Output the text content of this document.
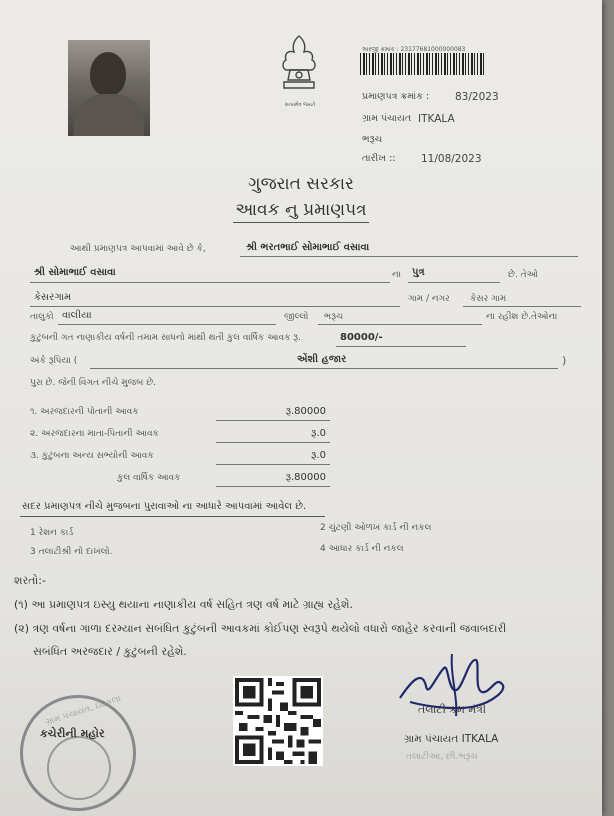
સત્યમેવ જયતે
અરજી ક્રમાંક : 23177681000000083
પ્રમાણપત્ર ક્રમાંક : 83/2023
ગ્રામ પંચાયત ITKALA
ભરૂચ
તારીખ :: 11/08/2023
ગુજરાત સરકાર
આવક નુ પ્રમાણપત્ર
આથી પ્રમાણપત્ર આપવામાં આવે છે કે,	શ્રી ભરતભાઈ સોમાભાઈ વસાવા
શ્રી સોમાભાઈ વસાવા	ના પુત્ર	છે. તેઓ
કેસરગામ	ગામ / નગર કેસર ગામ
તાલુકો વાલીયા	જીલ્લો ભરૂચ	ના રહીશ છે.તેઓના
કુટુંબની ગત નાણાકીય વર્ષની તમામ સાધનો માંથી થતી કુલ વાર્ષિક આવક રૂ.	80000/-
અંકે રૂપિયા (	એંશી હજાર	)
પુરા છે. જેની વિગત નીચે મુજબ છે.
૧. અરજદારની પોતાની આવક	રૂ.80000
૨. અરજદારના માતા-પિતાની આવક	રૂ.0
૩. કુટુંબના અન્ય સભ્યોની આવક	રૂ.0
કુલ વાર્ષિક આવક	રૂ.80000
સદર પ્રમાણપત્ર નીચે મુજબના પુરાવાઓ ના આધારે આપવામાં આવેલ છે.
1 રેશન કાર્ડ	2 ચુંટણી ઓળખ કાર્ડ ની નકલ
3 તલાટીશ્રી નો દાખલો.	4 આધાર કાર્ડ ની નકલ
શરતો:-
(૧) આ પ્રમાણપત્ર ઇસ્યુ થયાના નાણાકીય વર્ષ સહિત ત્રણ વર્ષ માટે ગ્રાહ્ય રહેશે.
(૨) ત્રણ વર્ષના ગાળા દરમ્યાન સબંધિત કુટુંબની આવકમાં કોઈપણ સ્વરૂપે થયેલો વધારો જાહેર કરવાની જવાબદારી
સબંધિત અરજદાર / કુટુંબની રહેશે.
ગ્રામ પંચાયત, ઇટકલા
કચેરીની મહોર
તલાટી કમ મંત્રી
ગ્રામ પંચાયત ITKALA
તલાટીઆ, છી.ભરૂચ
